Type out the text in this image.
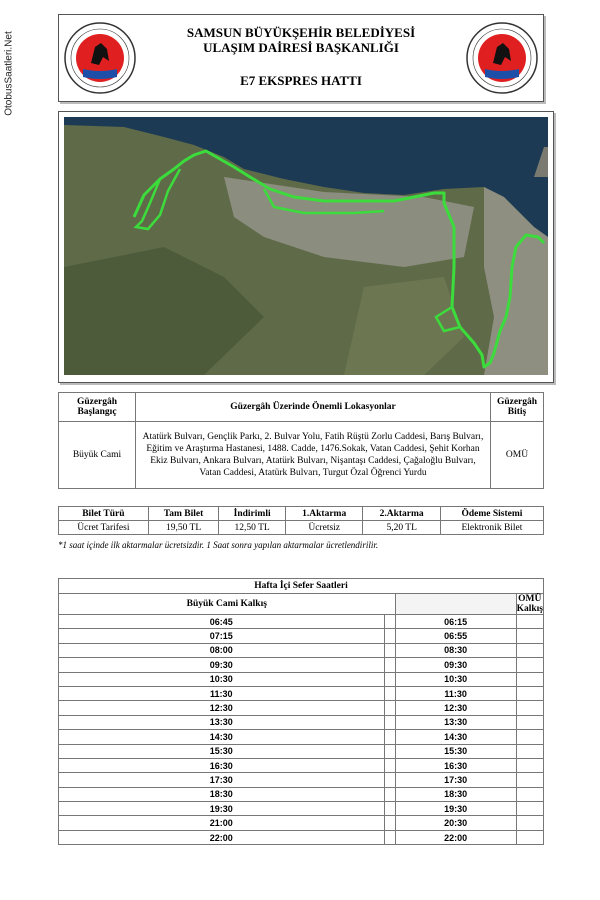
OtobusSaatleri.Net	SAMSUN BÜYÜKŞEHİR BELEDİYESİ
ULAŞIM DAİRESİ BAŞKANLIĞI
E7 EKSPRES HATTI
Güzergâh Başlangıç	Güzergâh Üzerinde Önemli Lokasyonlar	Güzergâh Bitiş
Büyük Cami	Atatürk Bulvarı, Gençlik Parkı, 2. Bulvar Yolu, Fatih Rüştü Zorlu Caddesi, Barış Bulvarı, Eğitim ve Araştırma Hastanesi, 1488. Cadde, 1476.Sokak, Vatan Caddesi, Şehit Korhan Ekiz Bulvarı, Ankara Bulvarı, Atatürk Bulvarı, Nişantaşı Caddesi, Çağaloğlu Bulvarı, Vatan Caddesi, Atatürk Bulvarı, Turgut Özal Öğrenci Yurdu	OMÜ
Bilet Türü	Tam Bilet	İndirimli	1.Aktarma	2.Aktarma	Ödeme Sistemi
Ücret Tarifesi	19,50 TL	12,50 TL	Ücretsiz	5,20 TL	Elektronik Bilet
*1 saat içinde ilk aktarmalar ücretsizdir. 1 Saat sonra yapılan aktarmalar ücretlendirilir.
Hafta İçi Sefer Saatleri			
Büyük Cami Kalkış			OMÜ Kalkış
06:45		06:15	
07:15		06:55	
08:00		08:30	
09:30		09:30	
10:30		10:30	
11:30		11:30	
12:30		12:30	
13:30		13:30	
14:30		14:30	
15:30		15:30	
16:30		16:30	
17:30		17:30	
18:30		18:30	
19:30		19:30	
21:00		20:30	
22:00		22:00	
